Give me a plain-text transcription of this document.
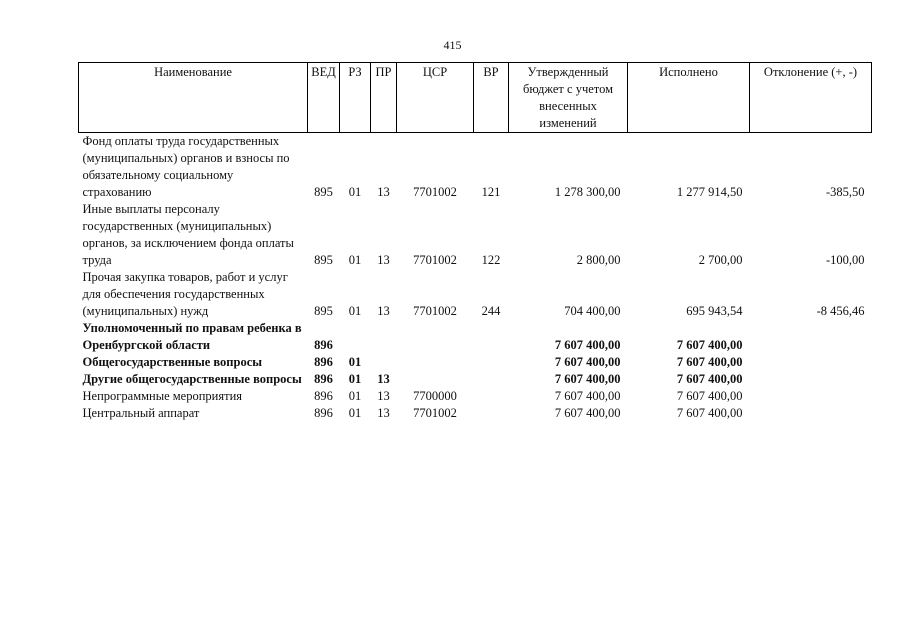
415
Наименование	ВЕД	РЗ	ПР	ЦСР	ВР	Утвержденный бюджет с учетом внесенных изменений	Исполнено	Отклонение (+, -)
Фонд оплаты труда государственных (муниципальных) органов и взносы по обязательному социальному страхованию	895	01	13	7701002	121	1 278 300,00	1 277 914,50	-385,50
Иные выплаты персоналу государственных (муниципальных) органов, за исключением фонда оплаты труда	895	01	13	7701002	122	2 800,00	2 700,00	-100,00
Прочая закупка товаров, работ и услуг для обеспечения государственных (муниципальных) нужд	895	01	13	7701002	244	704 400,00	695 943,54	-8 456,46
Уполномоченный по правам ребенка в Оренбургской области	896					7 607 400,00	7 607 400,00	
Общегосударственные вопросы	896	01				7 607 400,00	7 607 400,00	
Другие общегосударственные вопросы	896	01	13			7 607 400,00	7 607 400,00	
Непрограммные мероприятия	896	01	13	7700000		7 607 400,00	7 607 400,00	
Центральный аппарат	896	01	13	7701002		7 607 400,00	7 607 400,00	
